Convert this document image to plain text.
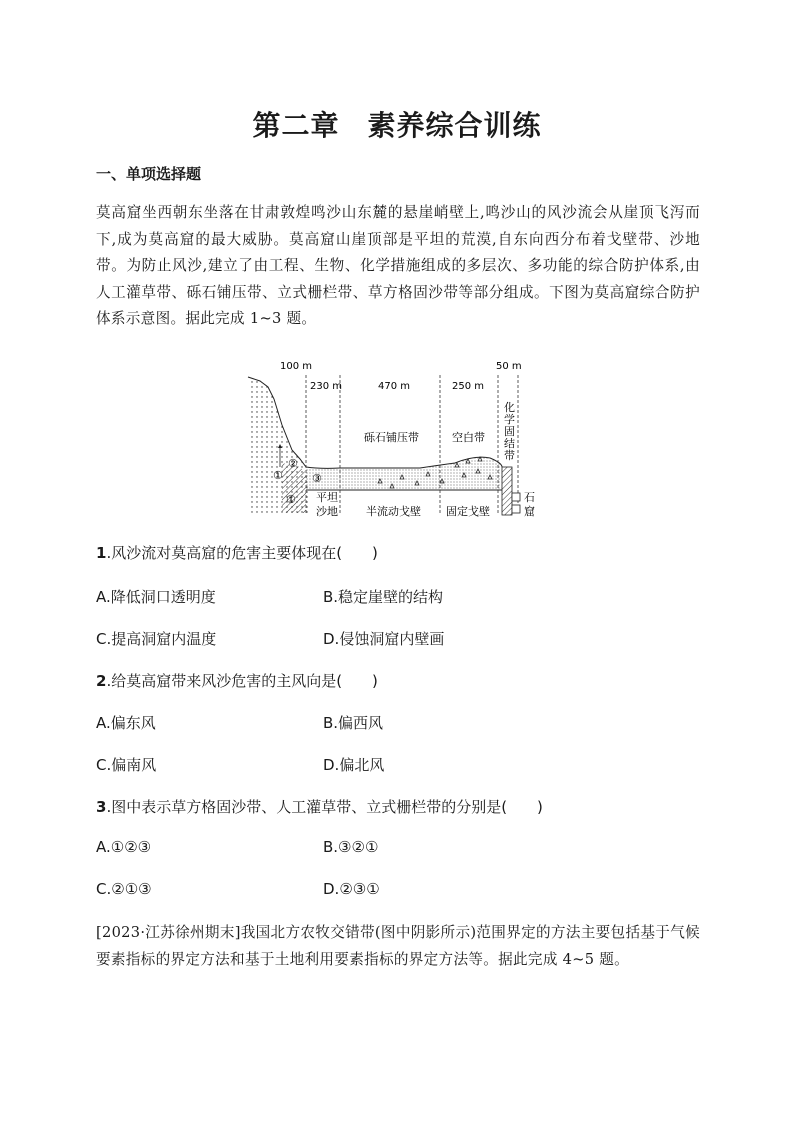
第二章 素养综合训练
一、单项选择题
莫高窟坐西朝东坐落在甘肃敦煌鸣沙山东麓的悬崖峭壁上,鸣沙山的风沙流会从崖顶飞泻而下,成为莫高窟的最大威胁。莫高窟山崖顶部是平坦的荒漠,自东向西分布着戈壁带、沙地带。为防止风沙,建立了由工程、生物、化学措施组成的多层次、多功能的综合防护体系,由人工灌草带、砾石铺压带、立式栅栏带、草方格固沙带等部分组成。下图为莫高窟综合防护体系示意图。据此完成 1~3 题。
100 m
230 m	470 m	250 m
50 m
砾石铺压带	空白带
化
学
固
结
带
①
②
③
① 平坦
沙地	半流动戈壁 固定戈壁
石
窟
1.风沙流对莫高窟的危害主要体现在(　　)
A.降低洞口透明度	B.稳定崖壁的结构
C.提高洞窟内温度	D.侵蚀洞窟内壁画
2.给莫高窟带来风沙危害的主风向是(　　)
A.偏东风	B.偏西风
C.偏南风	D.偏北风
3.图中表示草方格固沙带、人工灌草带、立式栅栏带的分别是(　　)
A.①②③	B.③②①
C.②①③	D.②③①
[2023·江苏徐州期末]我国北方农牧交错带(图中阴影所示)范围界定的方法主要包括基于气候要素指标的界定方法和基于土地利用要素指标的界定方法等。据此完成 4~5 题。
